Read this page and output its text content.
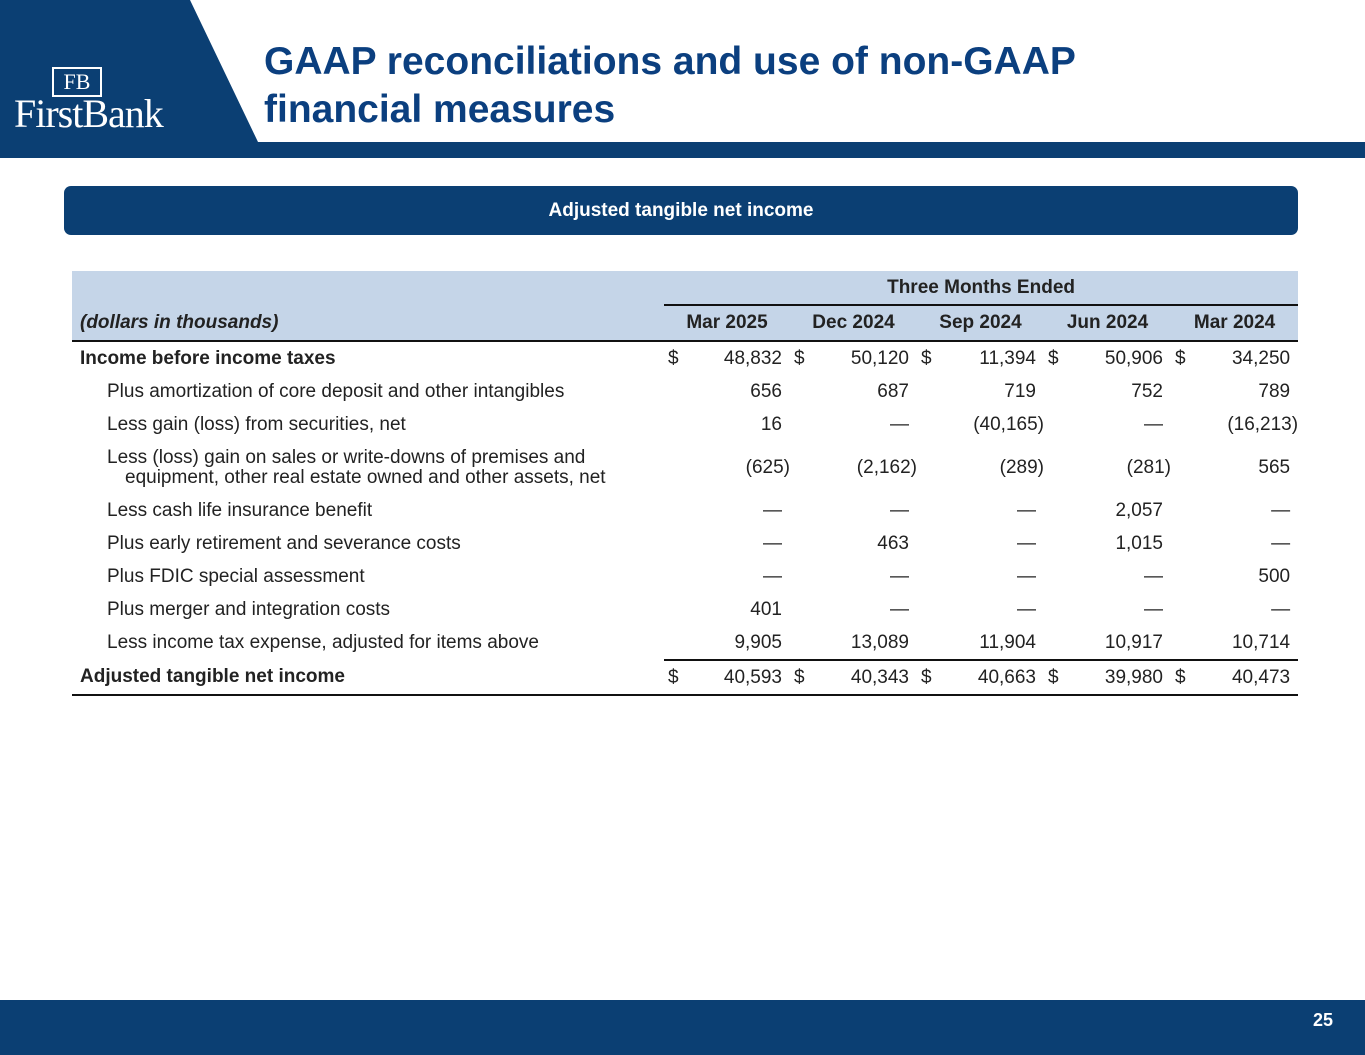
FB
FirstBank
GAAP reconciliations and use of non-GAAP
financial measures
Adjusted tangible net income
	Three Months Ended									
(dollars in thousands)	Mar 2025		Dec 2024		Sep 2024		Jun 2024		Mar 2024	
Income before income taxes	$	48,832	$	50,120	$	11,394	$	50,906	$	34,250
Plus amortization of core deposit and other intangibles		656		687		719		752		789
Less gain (loss) from securities, net		16		—		(40,165)		—		(16,213)

Less (loss) gain on sales or write-downs of premises and
equipment, other real estate owned and other assets, net		(625)		(2,162)		(289)		(281)		565
Less cash life insurance benefit		—		—		—		2,057		—
Plus early retirement and severance costs		—		463		—		1,015		—
Plus FDIC special assessment		—		—		—		—		500
Plus merger and integration costs		401		—		—		—		—
Less income tax expense, adjusted for items above		9,905		13,089		11,904		10,917		10,714
Adjusted tangible net income	$	40,593	$	40,343	$	40,663	$	39,980	$	40,473
25
